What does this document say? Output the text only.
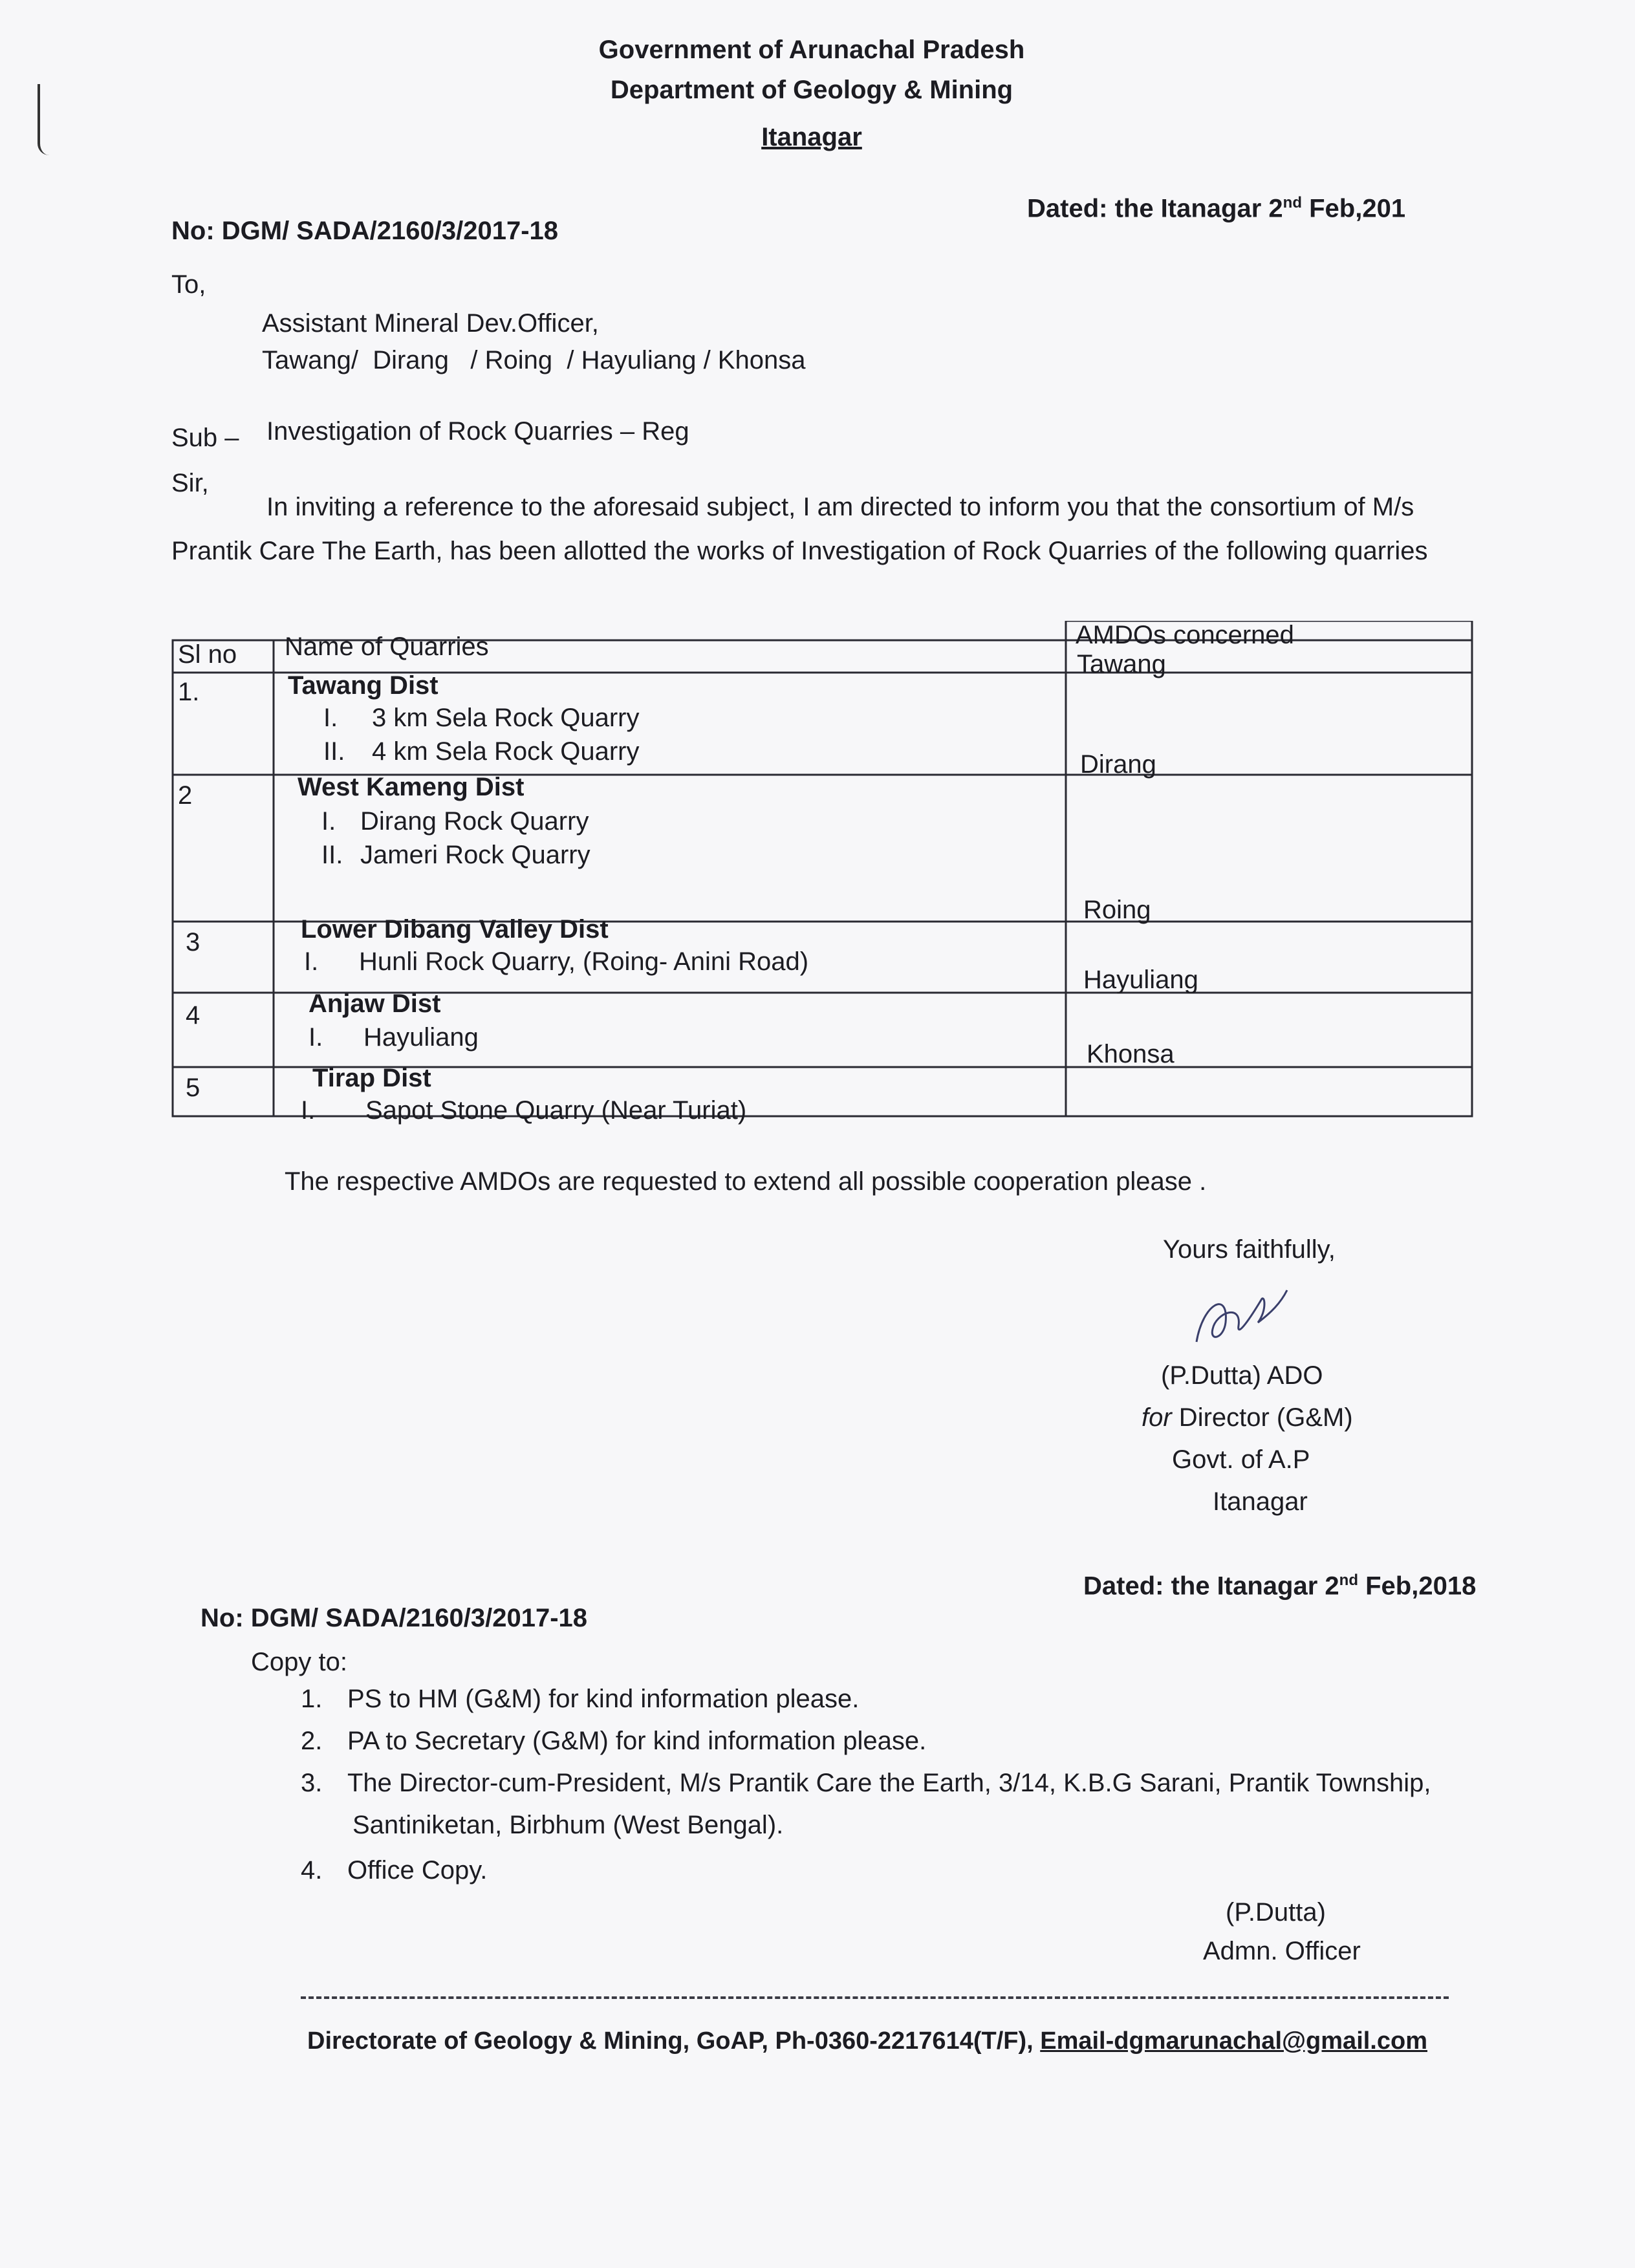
Government of Arunachal Pradesh
Department of Geology & Mining
Itanagar
No: DGM/ SADA/2160/3/2017-18
Dated: the Itanagar 2nd Feb,201
To,
Assistant Mineral Dev.Officer,
Tawang/  Dirang   / Roing  / Hayuliang / Khonsa
Sub – Investigation of Rock Quarries – Reg
Sir,
In inviting a reference to the aforesaid subject, I am directed to inform you that the consortium of M/s
Prantik Care The Earth, has been allotted the works of Investigation of Rock Quarries of the following quarries
Sl no Name of Quarries	AMDOs concerned
1.	Tawang Dist
I. 3 km Sela Rock Quarry
II. 4 km Sela Rock Quarry
Tawang
2	West Kameng Dist
I. Dirang Rock Quarry
II. Jameri Rock Quarry
Dirang
3	Lower Dibang Valley Dist
I. Hunli Rock Quarry, (Roing- Anini Road)
Roing
4	Anjaw Dist
I. Hayuliang
Hayuliang
5	Tirap Dist
I. Sapot Stone Quarry (Near Turiat)
Khonsa
The respective AMDOs are requested to extend all possible cooperation please .
Yours faithfully,
(P.Dutta) ADO
for Director (G&M)
Govt. of A.P
Itanagar
No: DGM/ SADA/2160/3/2017-18
Dated: the Itanagar 2nd Feb,2018
Copy to:
1. PS to HM (G&M) for kind information please.
2. PA to Secretary (G&M) for kind information please.
3. The Director-cum-President, M/s Prantik Care the Earth, 3/14, K.B.G Sarani, Prantik Township,
Santiniketan, Birbhum (West Bengal).
4. Office Copy.
(P.Dutta)
Admn. Officer
Directorate of Geology & Mining, GoAP, Ph-0360-2217614(T/F), Email-dgmarunachal@gmail.com
